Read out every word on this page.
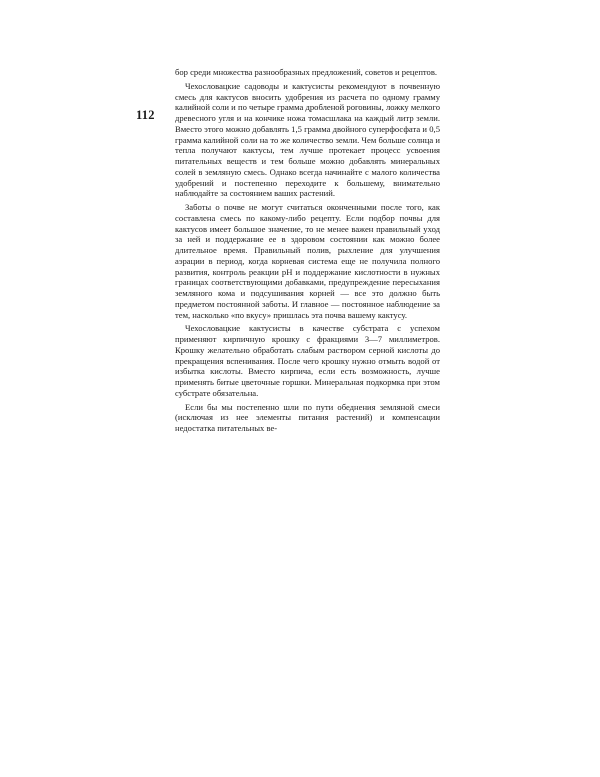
112

бор среди множества разнообразных предложений, советов и рецептов.

Чехословацкие садоводы и кактусисты рекомендуют в почвенную смесь для кактусов вносить удобрения из расчета по одному грамму калийной соли и по четыре грамма дробленой роговины, ложку мелкого древесного угля и на кончике ножа томасшлака на каждый литр земли. Вместо этого можно добавлять 1,5 грамма двойного суперфосфата и 0,5 грамма калийной соли на то же количество земли. Чем больше солнца и тепла получают кактусы, тем лучше протекает процесс усвоения питательных веществ и тем больше можно добавлять минеральных солей в земляную смесь. Однако всегда начинайте с малого количества удобрений и постепенно переходите к большему, внимательно наблюдайте за состоянием ваших растений.

Заботы о почве не могут считаться оконченными после того, как составлена смесь по какому-либо рецепту. Если подбор почвы для кактусов имеет большое значение, то не менее важен правильный уход за ней и поддержание ее в здоровом состоянии как можно более длительное время. Правильный полив, рыхление для улучшения аэрации в период, когда корневая система еще не получила полного развития, контроль реакции рН и поддержание кислотности в нужных границах соответствующими добавками, предупреждение пересыхания земляного кома и подсушивания корней — все это должно быть предметом постоянной заботы. И главное — постоянное наблюдение за тем, насколько «по вкусу» пришлась эта почва вашему кактусу.

Чехословацкие кактусисты в качестве субстрата с успехом применяют кирпичную крошку с фракциями 3—7 миллиметров. Крошку желательно обработать слабым раствором серной кислоты до прекращения вспенивания. После чего крошку нужно отмыть водой от избытка кислоты. Вместо кирпича, если есть возможность, лучше применять битые цветочные горшки. Минеральная подкормка при этом субстрате обязательна.

Если бы мы постепенно шли по пути обеднения земляной смеси (исключая из нее элементы питания растений) и компенсации недостатка питательных ве-
